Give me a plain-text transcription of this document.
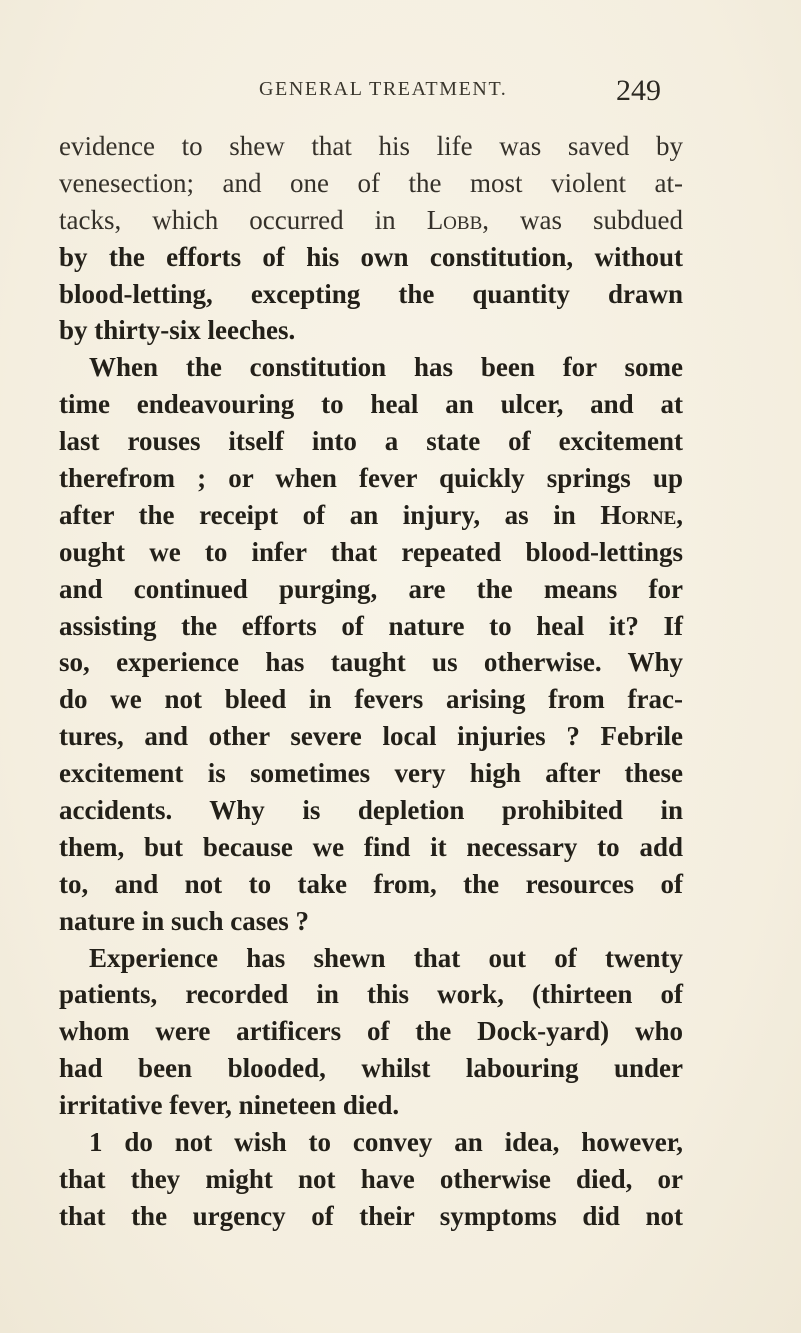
GENERAL TREATMENT.	249
evidence to shew that his life was saved by
venesection; and one of the most violent at-
tacks, which occurred in Lobb, was subdued
by the efforts of his own constitution, without
blood-letting, excepting the quantity drawn
by thirty-six leeches.
When the constitution has been for some
time endeavouring to heal an ulcer, and at
last rouses itself into a state of excitement
therefrom ; or when fever quickly springs up
after the receipt of an injury, as in Horne,
ought we to infer that repeated blood-lettings
and continued purging, are the means for
assisting the efforts of nature to heal it? If
so, experience has taught us otherwise. Why
do we not bleed in fevers arising from frac-
tures, and other severe local injuries ? Febrile
excitement is sometimes very high after these
accidents. Why is depletion prohibited in
them, but because we find it necessary to add
to, and not to take from, the resources of
nature in such cases ?
Experience has shewn that out of twenty
patients, recorded in this work, (thirteen of
whom were artificers of the Dock-yard) who
had been blooded, whilst labouring under
irritative fever, nineteen died.
1 do not wish to convey an idea, however,
that they might not have otherwise died, or
that the urgency of their symptoms did not
